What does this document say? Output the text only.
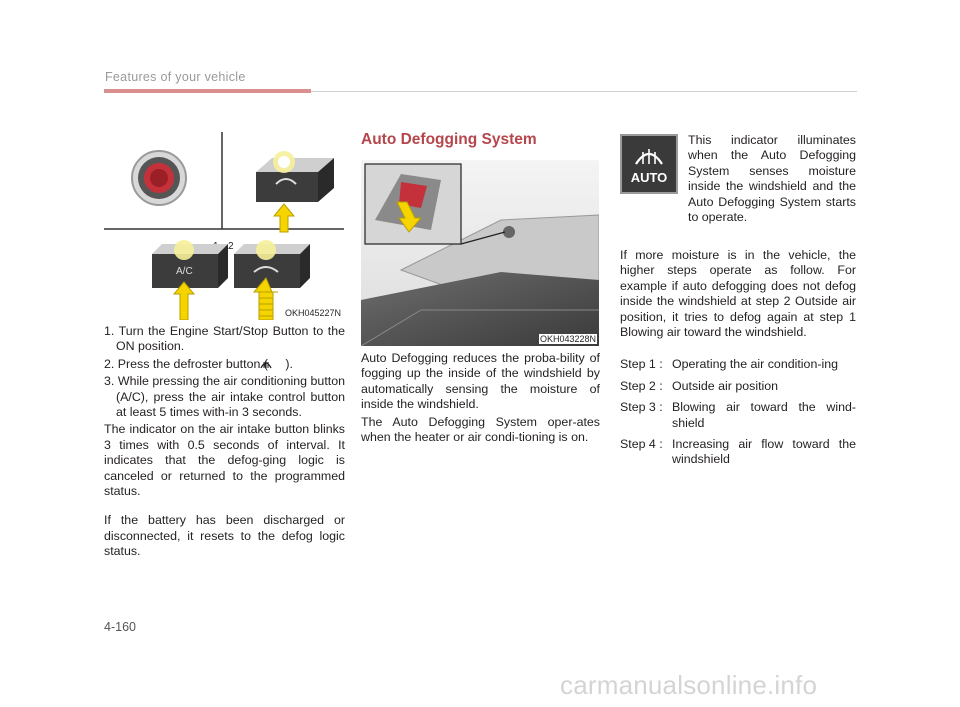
Features of your vehicle
2
A/C
OKH045227N

1. Turn the Engine Start/Stop Button to the ON position.

2. Press the defroster button ( ).

3. While pressing the air conditioning button (A/C), press the air intake control button at least 5 times with-in 3 seconds.

The indicator on the air intake button blinks 3 times with 0.5 seconds of interval. It indicates that the defog-ging logic is canceled or returned to the programmed status.

If the battery has been discharged or disconnected, it resets to the defog logic status.

Auto Defogging System
OKH043228N

Auto Defogging reduces the proba-bility of fogging up the inside of the windshield by automatically sensing the moisture of inside the windshield.

The Auto Defogging System oper-ates when the heater or air condi-tioning is on.

AUTO
This indicator illuminates when the Auto Defogging System senses moisture inside the windshield and the Auto Defogging System starts to operate.

If more moisture is in the vehicle, the higher steps operate as follow. For example if auto defogging does not defog inside the windshield at step 2 Outside air position, it tries to defog again at step 1 Blowing air toward the windshield.

Step 1 : Operating the air condition-ing
Step 2 : Outside air position
Step 3 : Blowing air toward the wind-shield
Step 4 : Increasing air flow toward the windshield
4-160
carmanualsonline.info
